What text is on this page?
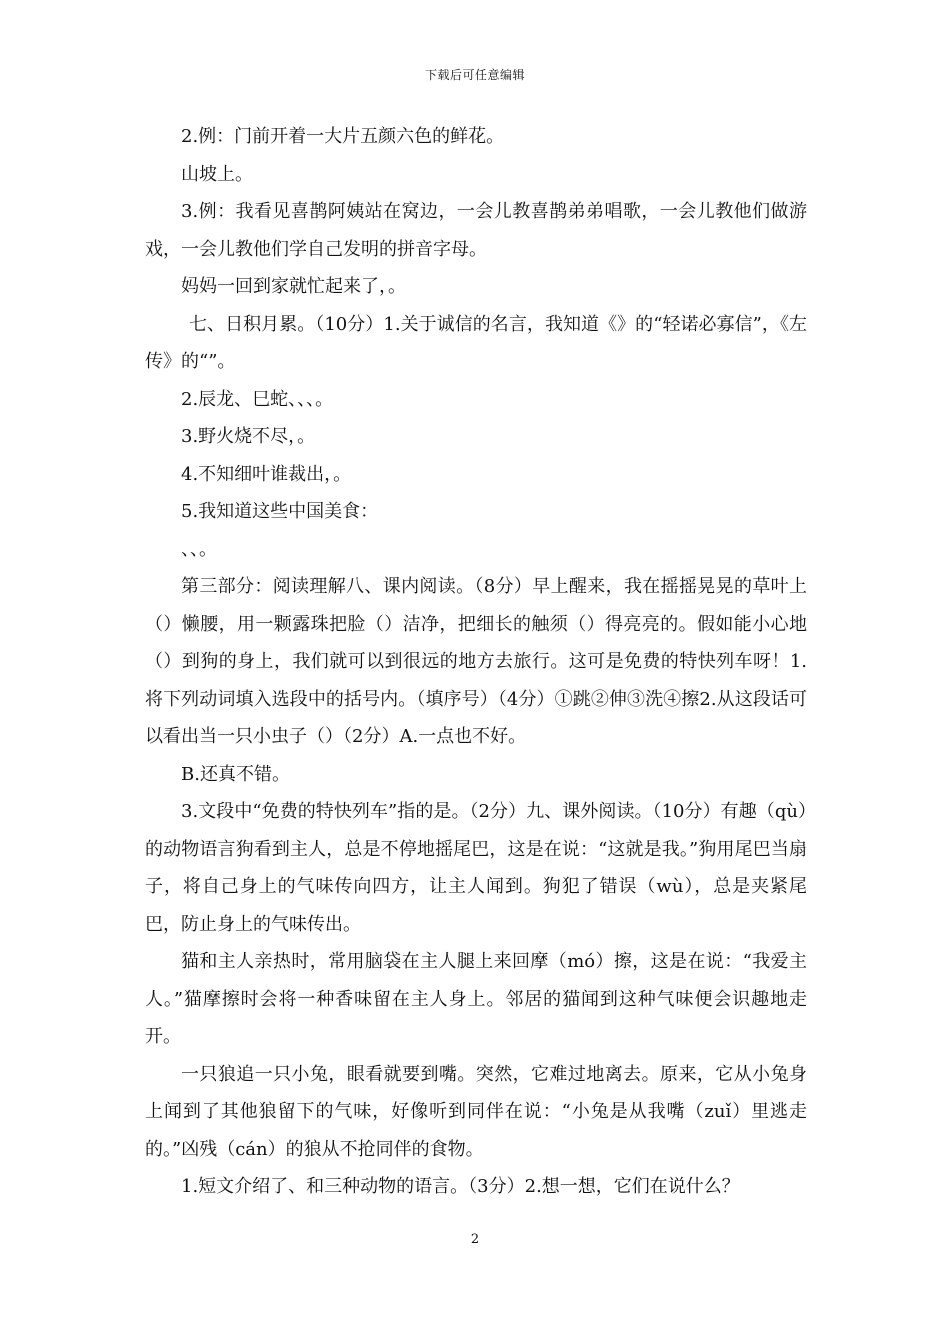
下载后可任意编辑

2.例：门前开着一大片五颜六色的鲜花。

山坡上。

3.例：我看见喜鹊阿姨站在窝边，一会儿教喜鹊弟弟唱歌，一会儿教他们做游戏，一会儿教他们学自己发明的拼音字母。

妈妈一回到家就忙起来了，。

七、日积月累。（10分）1.关于诚信的名言，我知道《》的“轻诺必寡信”，《左传》的“”。

2.辰龙、巳蛇、、、。

3.野火烧不尽，。

4.不知细叶谁裁出，。

5.我知道这些中国美食：

、、。

第三部分：阅读理解八、课内阅读。（8分）早上醒来，我在摇摇晃晃的草叶上（）懒腰，用一颗露珠把脸（）洁净，把细长的触须（）得亮亮的。假如能小心地（）到狗的身上，我们就可以到很远的地方去旅行。这可是免费的特快列车呀！1.将下列动词填入选段中的括号内。（填序号）（4分）①跳②伸③洗④擦2.从这段话可以看出当一只小虫子（）（2分）A.一点也不好。

B.还真不错。

3.文段中“免费的特快列车”指的是。（2分）九、课外阅读。（10分）有趣（qù）的动物语言狗看到主人，总是不停地摇尾巴，这是在说：“这就是我。”狗用尾巴当扇子，将自己身上的气味传向四方，让主人闻到。狗犯了错误（wù），总是夹紧尾巴，防止身上的气味传出。

猫和主人亲热时，常用脑袋在主人腿上来回摩（mó）擦，这是在说：“我爱主人。”猫摩擦时会将一种香味留在主人身上。邻居的猫闻到这种气味便会识趣地走开。

一只狼追一只小兔，眼看就要到嘴。突然，它难过地离去。原来，它从小兔身上闻到了其他狼留下的气味，好像听到同伴在说：“小兔是从我嘴（zuǐ）里逃走的。”凶残（cán）的狼从不抢同伴的食物。

1.短文介绍了、和三种动物的语言。（3分）2.想一想，它们在说什么？

2
